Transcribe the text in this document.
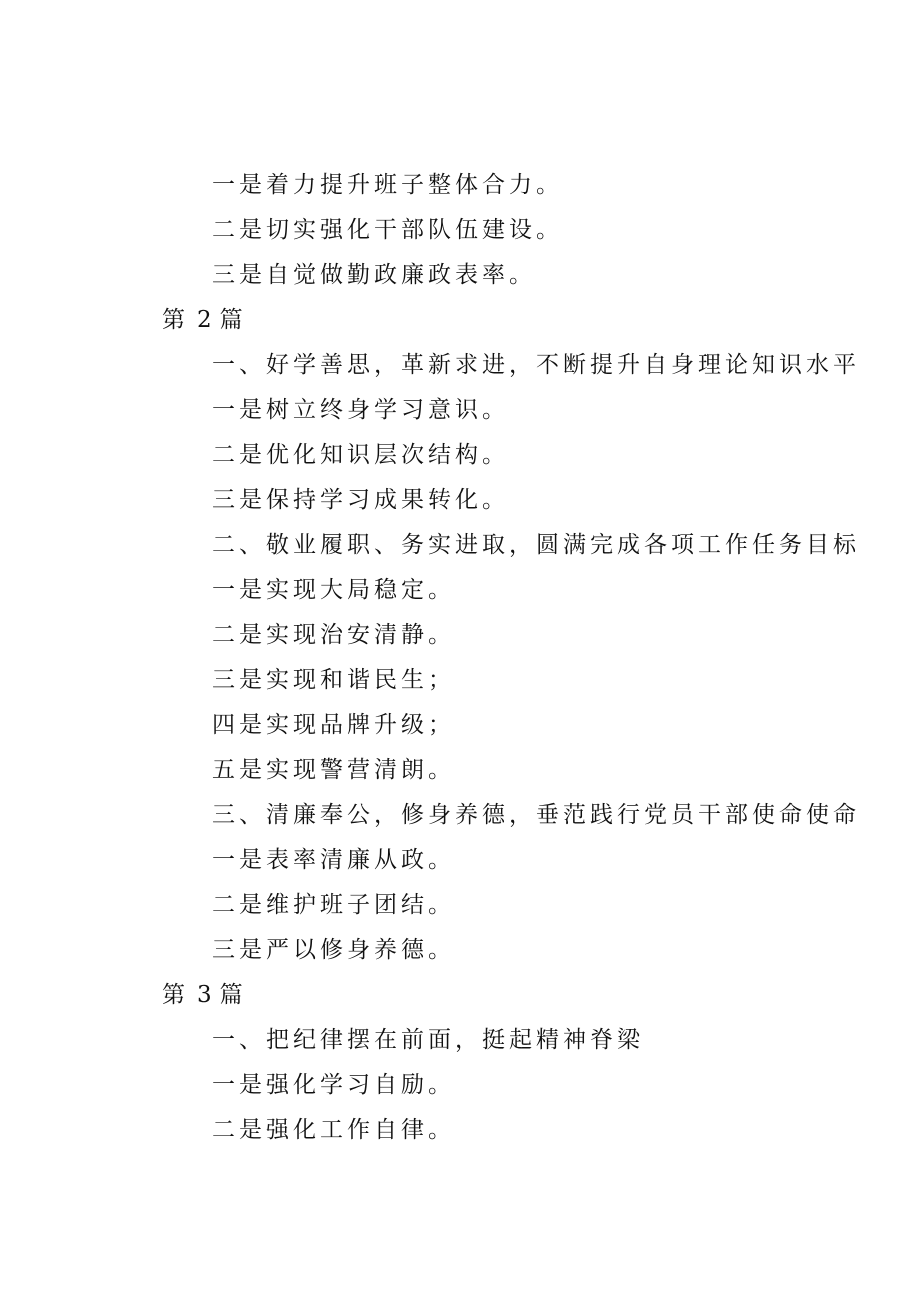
一是着力提升班子整体合力。
二是切实强化干部队伍建设。
三是自觉做勤政廉政表率。
第 2 篇
一、好学善思，革新求进，不断提升自身理论知识水平
一是树立终身学习意识。
二是优化知识层次结构。
三是保持学习成果转化。
二、敬业履职、务实进取，圆满完成各项工作任务目标
一是实现大局稳定。
二是实现治安清静。
三是实现和谐民生；
四是实现品牌升级；
五是实现警营清朗。
三、清廉奉公，修身养德，垂范践行党员干部使命使命
一是表率清廉从政。
二是维护班子团结。
三是严以修身养德。
第 3 篇
一、把纪律摆在前面，挺起精神脊梁
一是强化学习自励。
二是强化工作自律。
